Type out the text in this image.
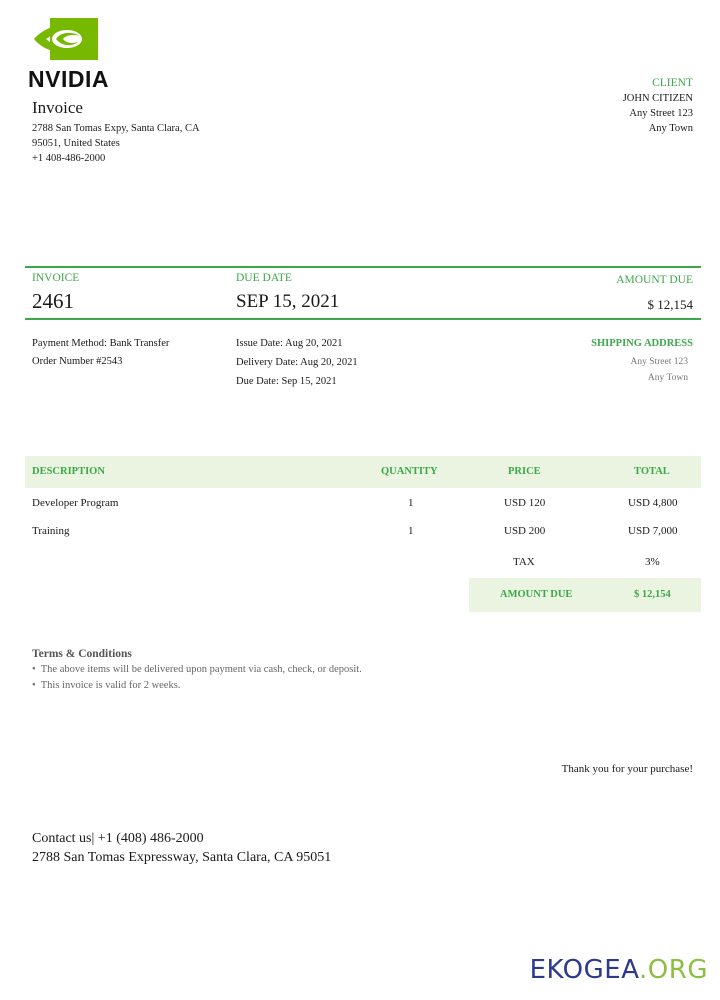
NVIDIA
Invoice
2788 San Tomas Expy, Santa Clara, CA
95051, United States
+1 408-486-2000
CLIENT
JOHN CITIZEN
Any Street 123
Any Town
INVOICE
2461
DUE DATE
SEP 15, 2021
AMOUNT DUE
$ 12,154
Payment Method: Bank Transfer
Order Number #2543
Issue Date: Aug 20, 2021
Delivery Date: Aug 20, 2021
Due Date: Sep 15, 2021
SHIPPING ADDRESS
Any Street 123
Any Town
DESCRIPTION	QUANTITY	PRICE	TOTAL
Developer Program	1	USD 120	USD 4,800
Training	1	USD 200	USD 7,000
TAX	3%
AMOUNT DUE	$ 12,154
Terms & Conditions
•  The above items will be delivered upon payment via cash, check, or deposit.
•  This invoice is valid for 2 weeks.
Thank you for your purchase!
Contact us| +1 (408) 486-2000
2788 San Tomas Expressway, Santa Clara, CA 95051
EKOGEA.ORG
